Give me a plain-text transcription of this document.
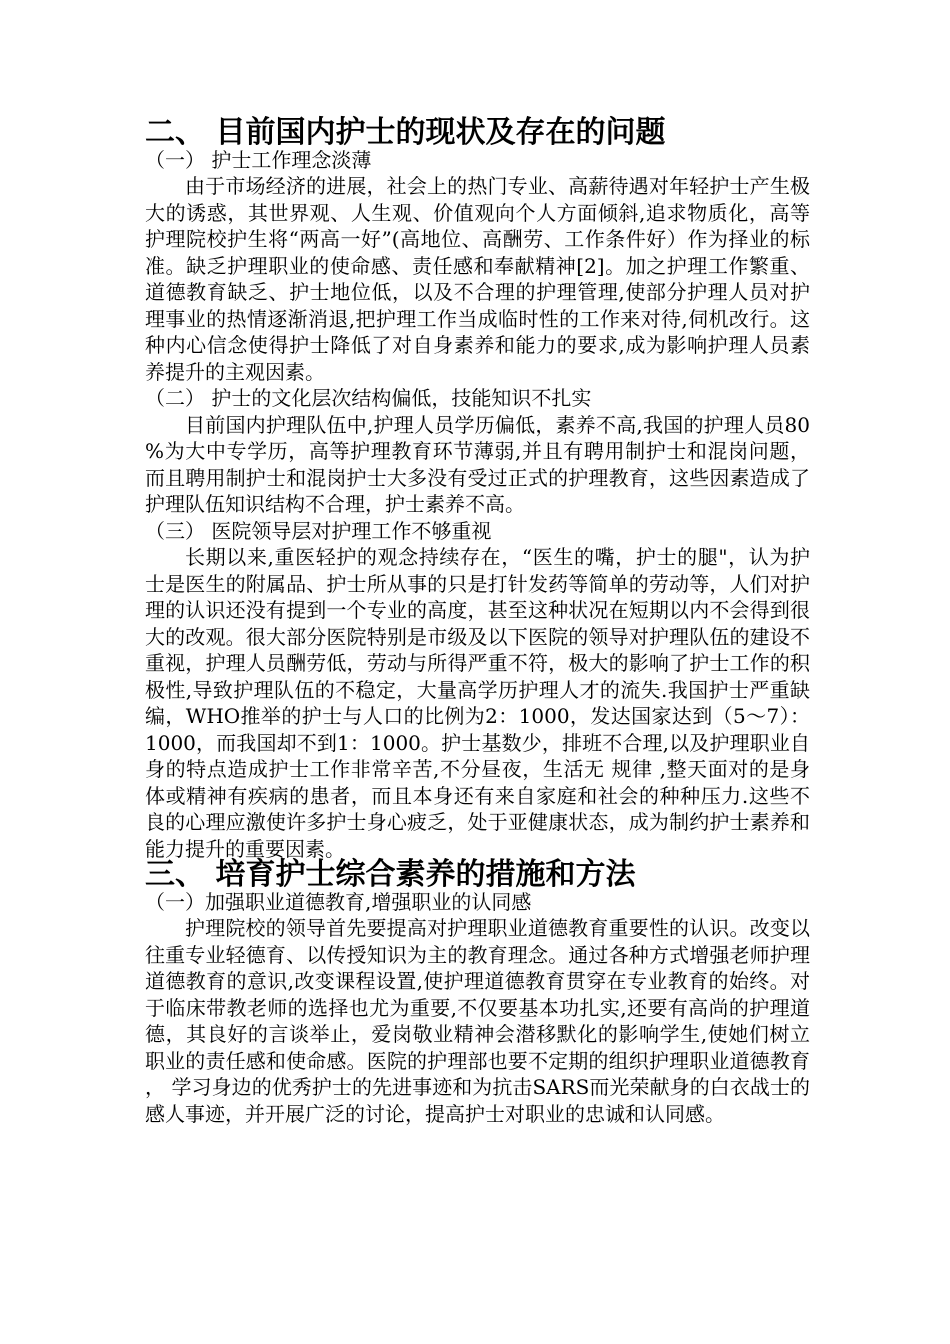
二、 目前国内护士的现状及存在的问题

（一） 护士工作理念淡薄

由于市场经济的进展，社会上的热门专业、高薪待遇对年轻护士产生极大的诱惑，其世界观、人生观、价值观向个人方面倾斜,追求物质化，高等护理院校护生将“两高一好”(高地位、高酬劳、工作条件好）作为择业的标准。缺乏护理职业的使命感、责任感和奉献精神[2]。加之护理工作繁重、道德教育缺乏、护士地位低，以及不合理的护理管理,使部分护理人员对护理事业的热情逐渐消退,把护理工作当成临时性的工作来对待,伺机改行。这种内心信念使得护士降低了对自身素养和能力的要求,成为影响护理人员素养提升的主观因素。

（二） 护士的文化层次结构偏低，技能知识不扎实

目前国内护理队伍中,护理人员学历偏低，素养不高,我国的护理人员80%为大中专学历，高等护理教育环节薄弱,并且有聘用制护士和混岗问题，而且聘用制护士和混岗护士大多没有受过正式的护理教育，这些因素造成了护理队伍知识结构不合理，护士素养不高。

（三） 医院领导层对护理工作不够重视

长期以来,重医轻护的观念持续存在，“医生的嘴，护士的腿"，认为护士是医生的附属品、护士所从事的只是打针发药等简单的劳动等，人们对护理的认识还没有提到一个专业的高度，甚至这种状况在短期以内不会得到很大的改观。很大部分医院特别是市级及以下医院的领导对护理队伍的建设不重视，护理人员酬劳低，劳动与所得严重不符，极大的影响了护士工作的积极性,导致护理队伍的不稳定，大量高学历护理人才的流失.我国护士严重缺编，WHO推举的护士与人口的比例为2：1000，发达国家达到（5～7）：1000，而我国却不到1：1000。护士基数少，排班不合理,以及护理职业自身的特点造成护士工作非常辛苦,不分昼夜，生活无 规律 ,整天面对的是身体或精神有疾病的患者，而且本身还有来自家庭和社会的种种压力.这些不良的心理应激使许多护士身心疲乏，处于亚健康状态，成为制约护士素养和能力提升的重要因素。

三、 培育护士综合素养的措施和方法

（一）加强职业道德教育,增强职业的认同感

护理院校的领导首先要提高对护理职业道德教育重要性的认识。改变以往重专业轻德育、以传授知识为主的教育理念。通过各种方式增强老师护理道德教育的意识,改变课程设置,使护理道德教育贯穿在专业教育的始终。对于临床带教老师的选择也尤为重要,不仅要基本功扎实,还要有高尚的护理道德，其良好的言谈举止，爱岗敬业精神会潜移默化的影响学生,使她们树立职业的责任感和使命感。医院的护理部也要不定期的组织护理职业道德教育， 学习身边的优秀护士的先进事迹和为抗击SARS而光荣献身的白衣战士的感人事迹，并开展广泛的讨论，提高护士对职业的忠诚和认同感。
